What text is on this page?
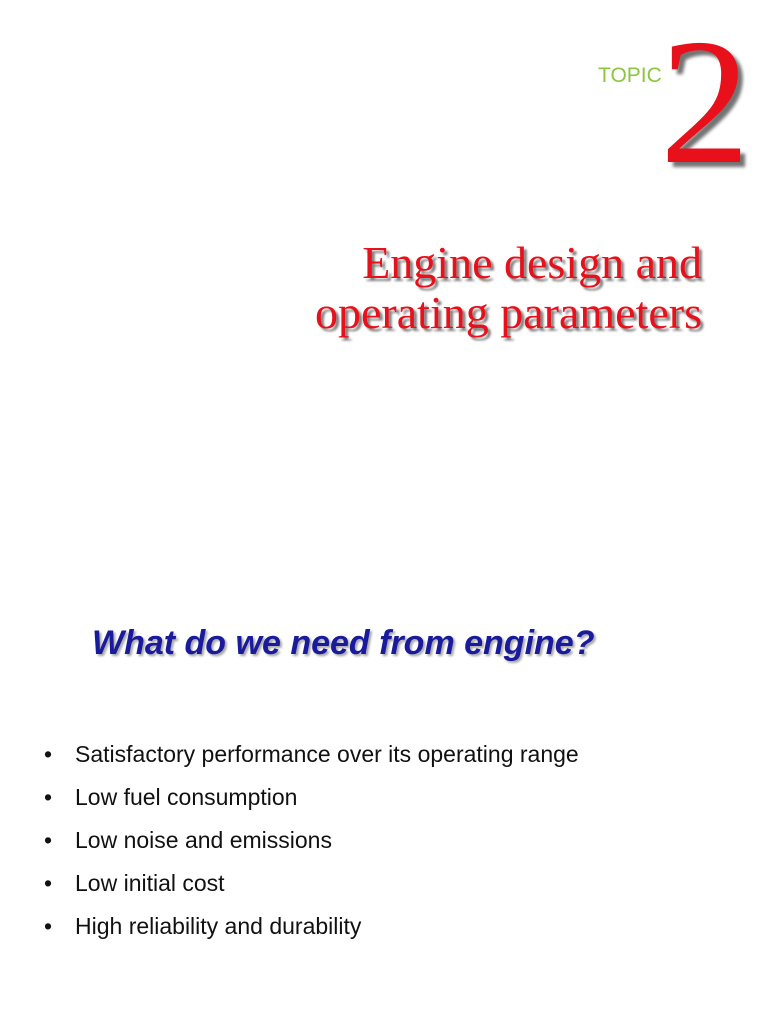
TOPIC
2
Engine design and
operating parameters
What do we need from engine?
• Satisfactory performance over its operating range
• Low fuel consumption
• Low noise and emissions
• Low initial cost
• High reliability and durability
